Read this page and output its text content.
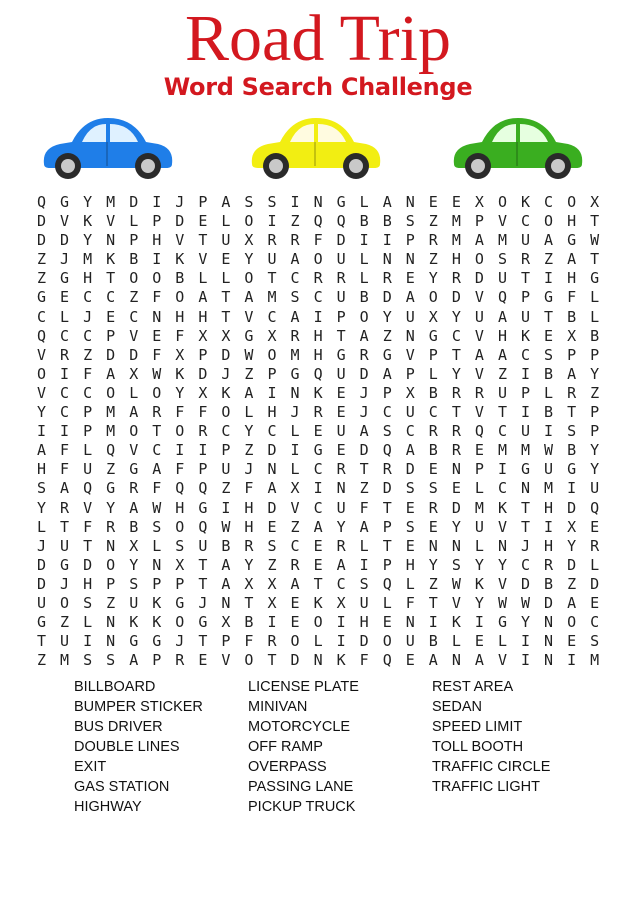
Road Trip
Word Search Challenge
Q G Y M D I J P A S S I N G L A N E E X O K C O X
D V K V L P D E L O I Z Q Q B B S Z M P V C O H T
D D Y N P H V T U X R R F D I I P R M A M U A G W
Z J M K B I K V E Y U A O U L N N Z H O S R Z A T
Z G H T O O B L L O T C R R L R E Y R D U T I H G
G E C C Z F O A T A M S C U B D A O D V Q P G F L
C L J E C N H H T V C A I P O Y U X Y U A U T B L
Q C C P V E F X X G X R H T A Z N G C V H K E X B
V R Z D D F X P D W O M H G R G V P T A A C S P P
O I F A X W K D J Z P G Q U D A P L Y V Z I B A Y
V C C O L O Y X K A I N K E J P X B R R U P L R Z
Y C P M A R F F O L H J R E J C U C T V T I B T P
I I P M O T O R C Y C L E U A S C R R Q C U I S P
A F L Q V C I I P Z D I G E D Q A B R E M M W B Y
H F U Z G A F P U J N L C R T R D E N P I G U G Y
S A Q G R F Q Q Z F A X I N Z D S S E L C N M I U
Y R V Y A W H G I H D V C U F T E R D M K T H D Q
L T F R B S O Q W H E Z A Y A P S E Y U V T I X E
J U T N X L S U B R S C E R L T E N N L N J H Y R
D G D O Y N X T A Y Z R E A I P H Y S Y Y C R D L
D J H P S P P T A X X A T C S Q L Z W K V D B Z D
U O S Z U K G J N T X E K X U L F T V Y W W D A E
G Z L N K K O G X B I E O I H E N I K I G Y N O C
T U I N G G J T P F R O L I D O U B L E L I N E S
Z M S S A P R E V O T D N K F Q E A N A V I N I M
BILLBOARD
BUMPER STICKER
BUS DRIVER
DOUBLE LINES
EXIT
GAS STATION
HIGHWAY
LICENSE PLATE
MINIVAN
MOTORCYCLE
OFF RAMP
OVERPASS
PASSING LANE
PICKUP TRUCK
REST AREA
SEDAN
SPEED LIMIT
TOLL BOOTH
TRAFFIC CIRCLE
TRAFFIC LIGHT
